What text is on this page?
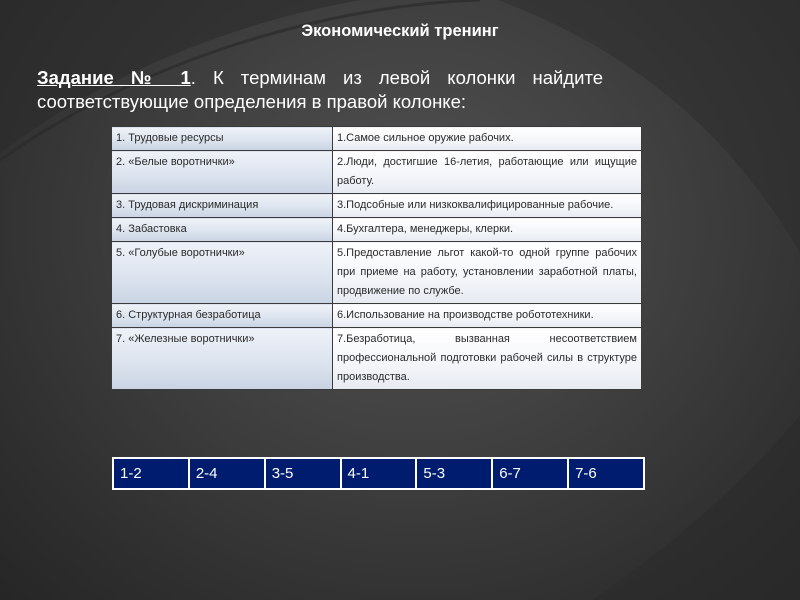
Экономический тренинг
Задание № 1. К терминам из левой колонки найдите соответствующие определения в правой колонке:
1. Трудовые ресурсы	1.Самое сильное оружие рабочих.
2. «Белые воротнички»	2.Люди, достигшие 16-летия, работающие или ищущие работу.
3. Трудовая дискриминация	3.Подсобные или низкоквалифицированные рабочие.
4. Забастовка	4.Бухгалтера, менеджеры, клерки.
5. «Голубые воротнички»	5.Предоставление льгот какой-то одной группе рабочих при приеме на работу, установлении заработной платы, продвижение по службе.
6. Структурная безработица	6.Использование на производстве робототехники.
7. «Железные воротнички»	7.Безработица, вызванная несоответствием профессиональной подготовки рабочей силы в структуре производства.
1-2	2-4	3-5	4-1	5-3	6-7	7-6
